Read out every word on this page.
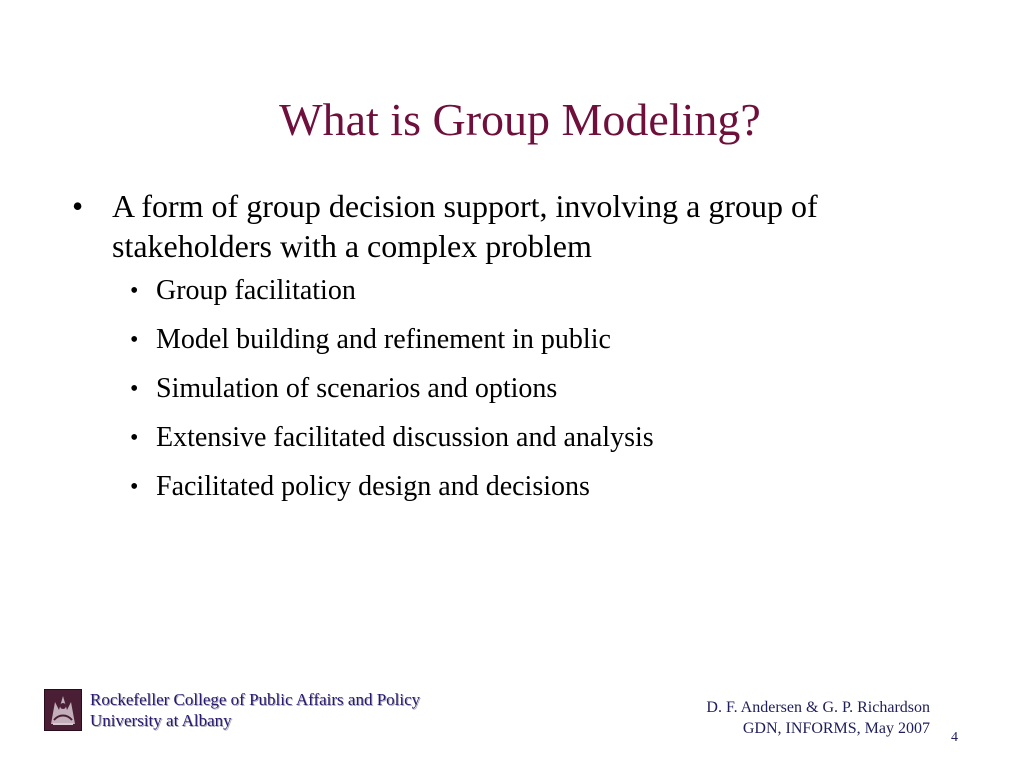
What is Group Modeling?
• A form of group decision support, involving a group of stakeholders with a complex problem
• Group facilitation
• Model building and refinement in public
• Simulation of scenarios and options
• Extensive facilitated discussion and analysis
• Facilitated policy design and decisions
Rockefeller College of Public Affairs and Policy
University at Albany
D. F. Andersen & G. P. Richardson
GDN, INFORMS, May 2007
4
